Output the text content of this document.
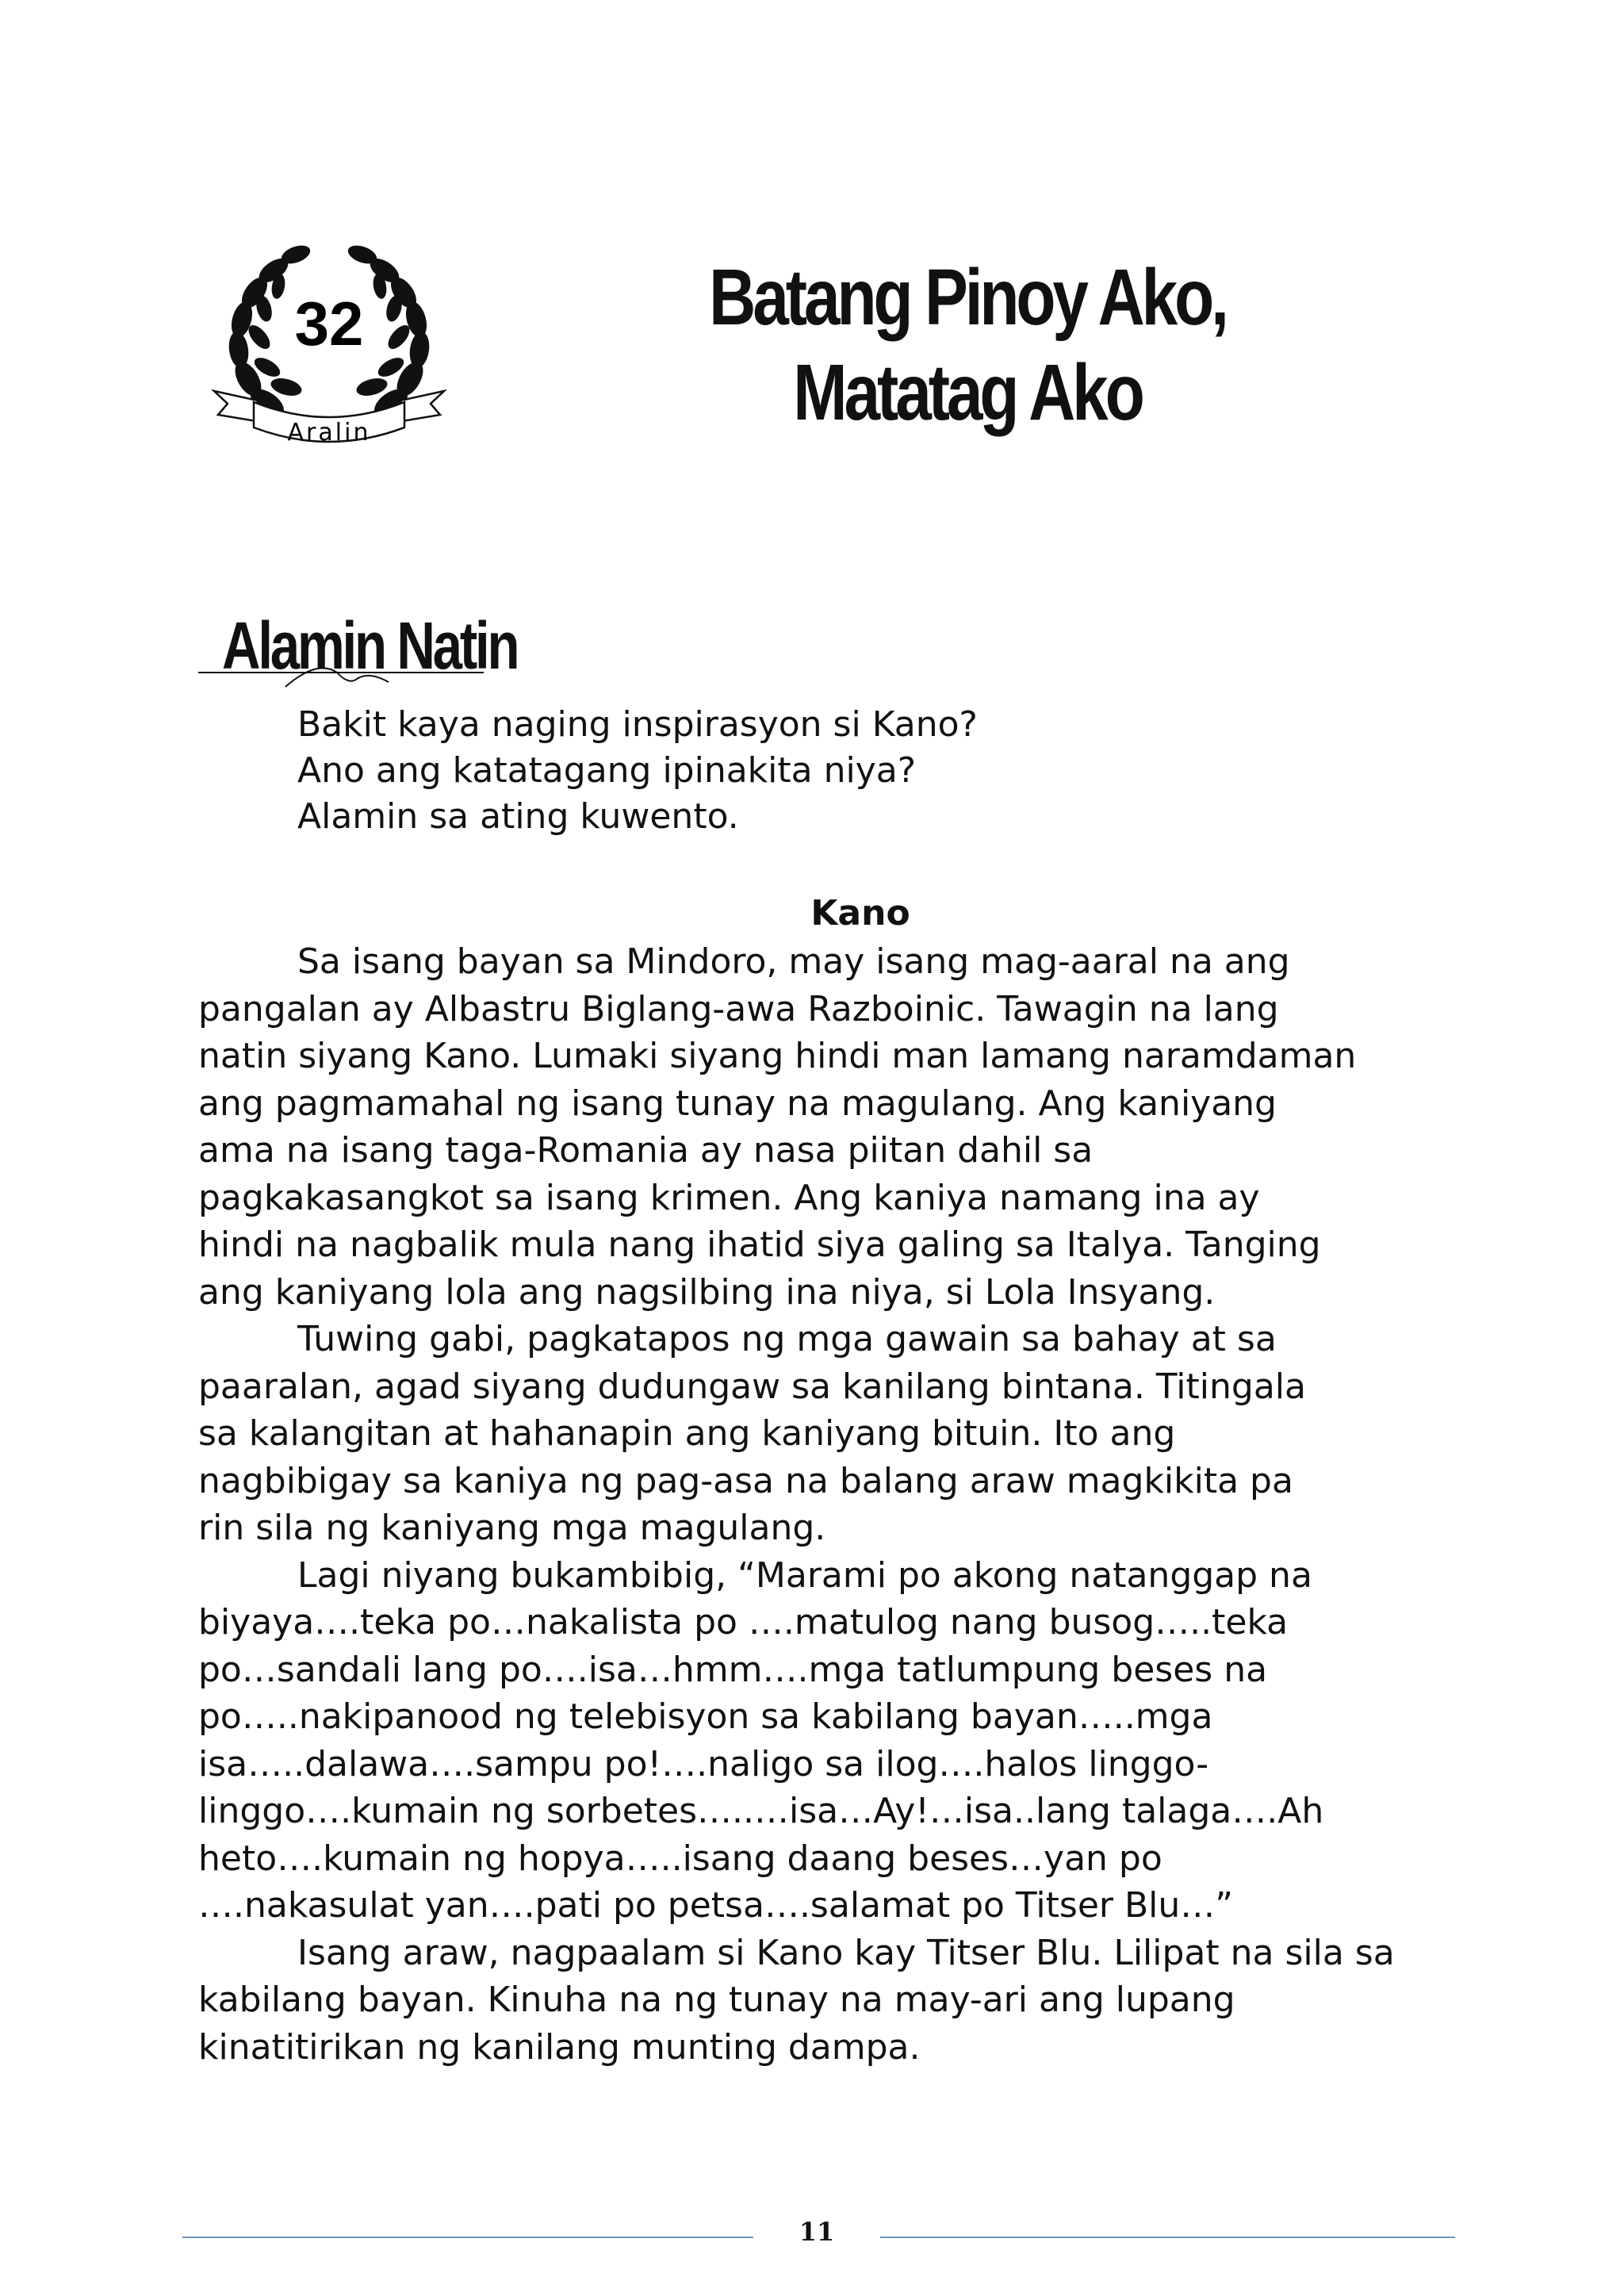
32
Aralin
Batang Pinoy Ako,
Matatag Ako
Alamin Natin
Bakit kaya naging inspirasyon si Kano?
Ano ang katatagang ipinakita niya?
Alamin sa ating kuwento.
Kano
Sa isang bayan sa Mindoro, may isang mag-aaral na ang
pangalan ay Albastru Biglang-awa Razboinic. Tawagin na lang
natin siyang Kano. Lumaki siyang hindi man lamang naramdaman
ang pagmamahal ng isang tunay na magulang. Ang kaniyang
ama na isang taga-Romania ay nasa piitan dahil sa
pagkakasangkot sa isang krimen. Ang kaniya namang ina ay
hindi na nagbalik mula nang ihatid siya galing sa Italya. Tanging
ang kaniyang lola ang nagsilbing ina niya, si Lola Insyang.
Tuwing gabi, pagkatapos ng mga gawain sa bahay at sa
paaralan, agad siyang dudungaw sa kanilang bintana. Titingala
sa kalangitan at hahanapin ang kaniyang bituin. Ito ang
nagbibigay sa kaniya ng pag-asa na balang araw magkikita pa
rin sila ng kaniyang mga magulang.
Lagi niyang bukambibig, “Marami po akong natanggap na
biyaya….teka po…nakalista po ….matulog nang busog…..teka
po…sandali lang po….isa…hmm….mga tatlumpung beses na
po…..nakipanood ng telebisyon sa kabilang bayan…..mga
isa…..dalawa….sampu po!….naligo sa ilog….halos linggo-
linggo….kumain ng sorbetes…..…isa…Ay!…isa..lang talaga….Ah
heto….kumain ng hopya…..isang daang beses…yan po
….nakasulat yan….pati po petsa….salamat po Titser Blu…”
Isang araw, nagpaalam si Kano kay Titser Blu. Lilipat na sila sa
kabilang bayan. Kinuha na ng tunay na may-ari ang lupang
kinatitirikan ng kanilang munting dampa.
11
